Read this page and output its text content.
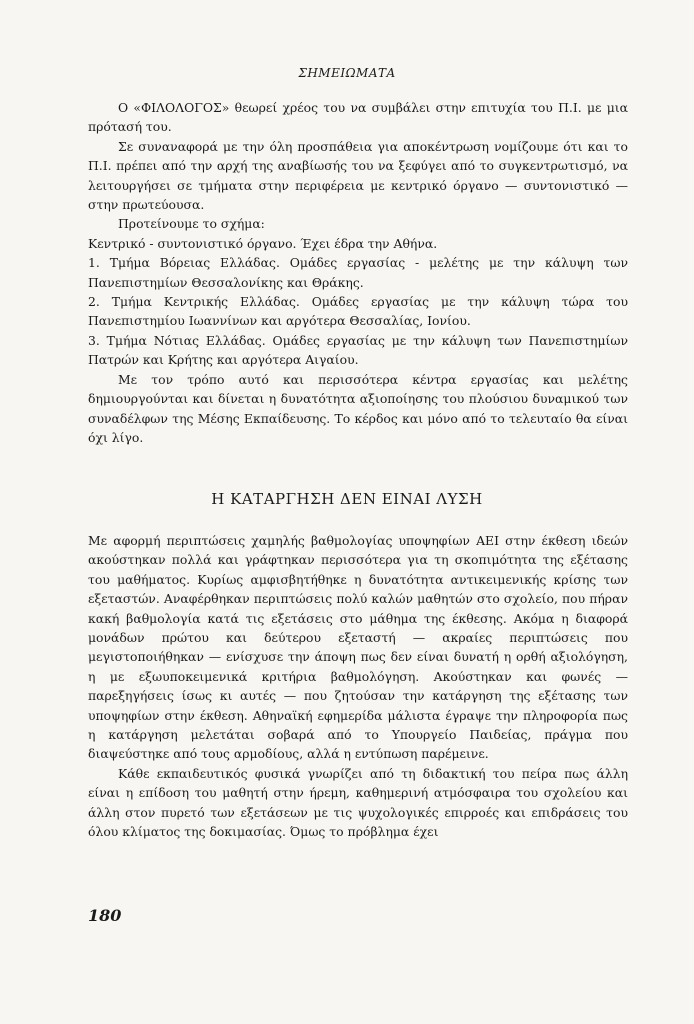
ΣΗΜΕΙΩΜΑΤΑ

Ο «ΦΙΛΟΛΟΓΟΣ» θεωρεί χρέος του να συμβάλει στην επιτυχία του Π.Ι. με μια πρότασή του.

Σε συναναφορά με την όλη προσπάθεια για αποκέντρωση νομίζουμε ότι και το Π.Ι. πρέπει από την αρχή της αναβίωσής του να ξεφύγει από το συγκεντρωτισμό, να λειτουργήσει σε τμήματα στην περιφέρεια με κεντρικό όργανο — συντονιστικό — στην πρωτεύουσα.

Προτείνουμε το σχήμα:

Κεντρικό - συντονιστικό όργανο. Έχει έδρα την Αθήνα.

1. Τμήμα Βόρειας Ελλάδας. Ομάδες εργασίας - μελέτης με την κάλυψη των Πανεπιστημίων Θεσσαλονίκης και Θράκης.

2. Τμήμα Κεντρικής Ελλάδας. Ομάδες εργασίας με την κάλυψη τώρα του Πανεπιστημίου Ιωαννίνων και αργότερα Θεσσαλίας, Ιονίου.

3. Τμήμα Νότιας Ελλάδας. Ομάδες εργασίας με την κάλυψη των Πανεπιστημίων Πατρών και Κρήτης και αργότερα Αιγαίου.

Με τον τρόπο αυτό και περισσότερα κέντρα εργασίας και μελέτης δημιουργούνται και δίνεται η δυνατότητα αξιοποίησης του πλούσιου δυναμικού των συναδέλφων της Μέσης Εκπαίδευσης. Το κέρδος και μόνο από το τελευταίο θα είναι όχι λίγο.

Η ΚΑΤΑΡΓΗΣΗ ΔΕΝ ΕΙΝΑΙ ΛΥΣΗ

Με αφορμή περιπτώσεις χαμηλής βαθμολογίας υποψηφίων ΑΕΙ στην έκθεση ιδεών ακούστηκαν πολλά και γράφτηκαν περισσότερα για τη σκοπιμότητα της εξέτασης του μαθήματος. Κυρίως αμφισβητήθηκε η δυνατότητα αντικειμενικής κρίσης των εξεταστών. Αναφέρθηκαν περιπτώσεις πολύ καλών μαθητών στο σχολείο, που πήραν κακή βαθμολογία κατά τις εξετάσεις στο μάθημα της έκθεσης. Ακόμα η διαφορά μονάδων πρώτου και δεύτερου εξεταστή — ακραίες περιπτώσεις που μεγιστοποιήθηκαν — ενίσχυσε την άποψη πως δεν είναι δυνατή η ορθή αξιολόγηση, η με εξωυποκειμενικά κριτήρια βαθμολόγηση. Ακούστηκαν και φωνές — παρεξηγήσεις ίσως κι αυτές — που ζητούσαν την κατάργηση της εξέτασης των υποψηφίων στην έκθεση. Αθηναϊκή εφημερίδα μάλιστα έγραψε την πληροφορία πως η κατάργηση μελετάται σοβαρά από το Υπουργείο Παιδείας, πράγμα που διαψεύστηκε από τους αρμοδίους, αλλά η εντύπωση παρέμεινε.

Κάθε εκπαιδευτικός φυσικά γνωρίζει από τη διδακτική του πείρα πως άλλη είναι η επίδοση του μαθητή στην ήρεμη, καθημερινή ατμόσφαιρα του σχολείου και άλλη στον πυρετό των εξετάσεων με τις ψυχολογικές επιρροές και επιδράσεις του όλου κλίματος της δοκιμασίας. Όμως το πρόβλημα έχει

180
